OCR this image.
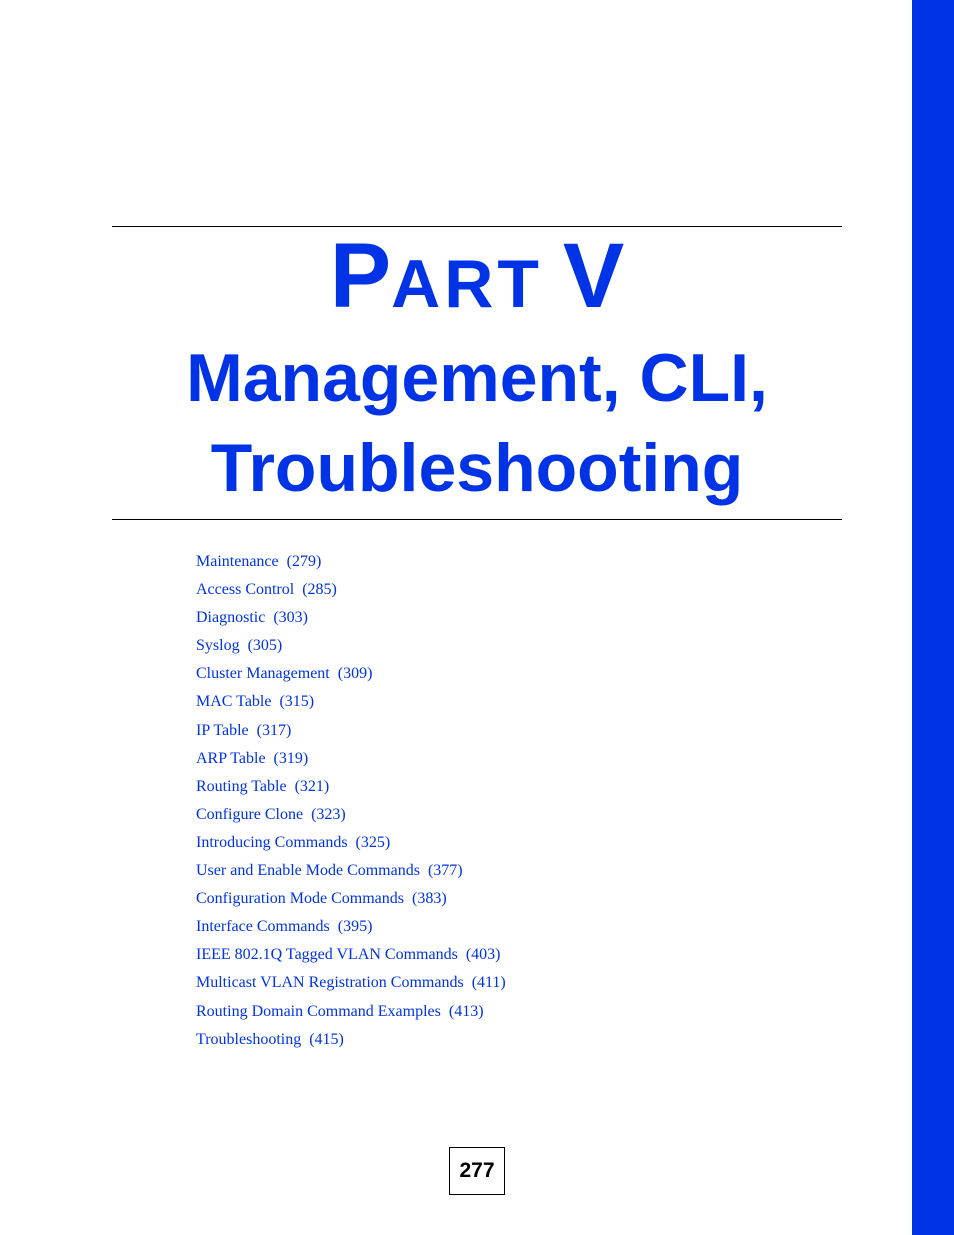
PART V
Management, CLI,
Troubleshooting
Maintenance (279)
Access Control (285)
Diagnostic (303)
Syslog (305)
Cluster Management (309)
MAC Table (315)
IP Table (317)
ARP Table (319)
Routing Table (321)
Configure Clone (323)
Introducing Commands (325)
User and Enable Mode Commands (377)
Configuration Mode Commands (383)
Interface Commands (395)
IEEE 802.1Q Tagged VLAN Commands (403)
Multicast VLAN Registration Commands (411)
Routing Domain Command Examples (413)
Troubleshooting (415)
277
